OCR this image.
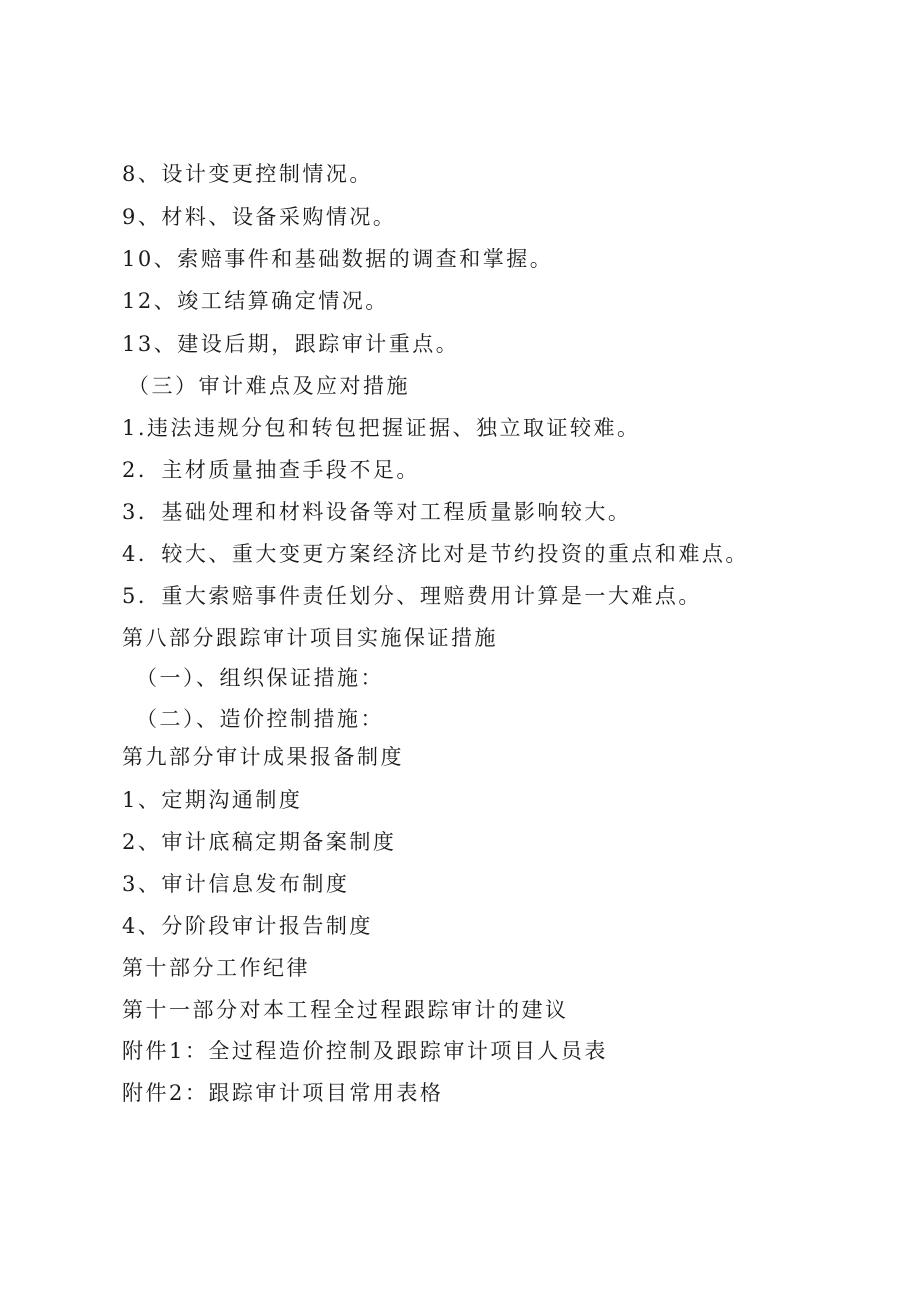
8、设计变更控制情况。
9、材料、设备采购情况。
10、索赔事件和基础数据的调查和掌握。
12、竣工结算确定情况。
13、建设后期，跟踪审计重点。
（三）审计难点及应对措施
1.违法违规分包和转包把握证据、独立取证较难。
2．主材质量抽查手段不足。
3．基础处理和材料设备等对工程质量影响较大。
4．较大、重大变更方案经济比对是节约投资的重点和难点。
5．重大索赔事件责任划分、理赔费用计算是一大难点。
第八部分跟踪审计项目实施保证措施
（一）、组织保证措施：
（二）、造价控制措施：
第九部分审计成果报备制度
1、定期沟通制度
2、审计底稿定期备案制度
3、审计信息发布制度
4、分阶段审计报告制度
第十部分工作纪律
第十一部分对本工程全过程跟踪审计的建议
附件1：全过程造价控制及跟踪审计项目人员表
附件2：跟踪审计项目常用表格
